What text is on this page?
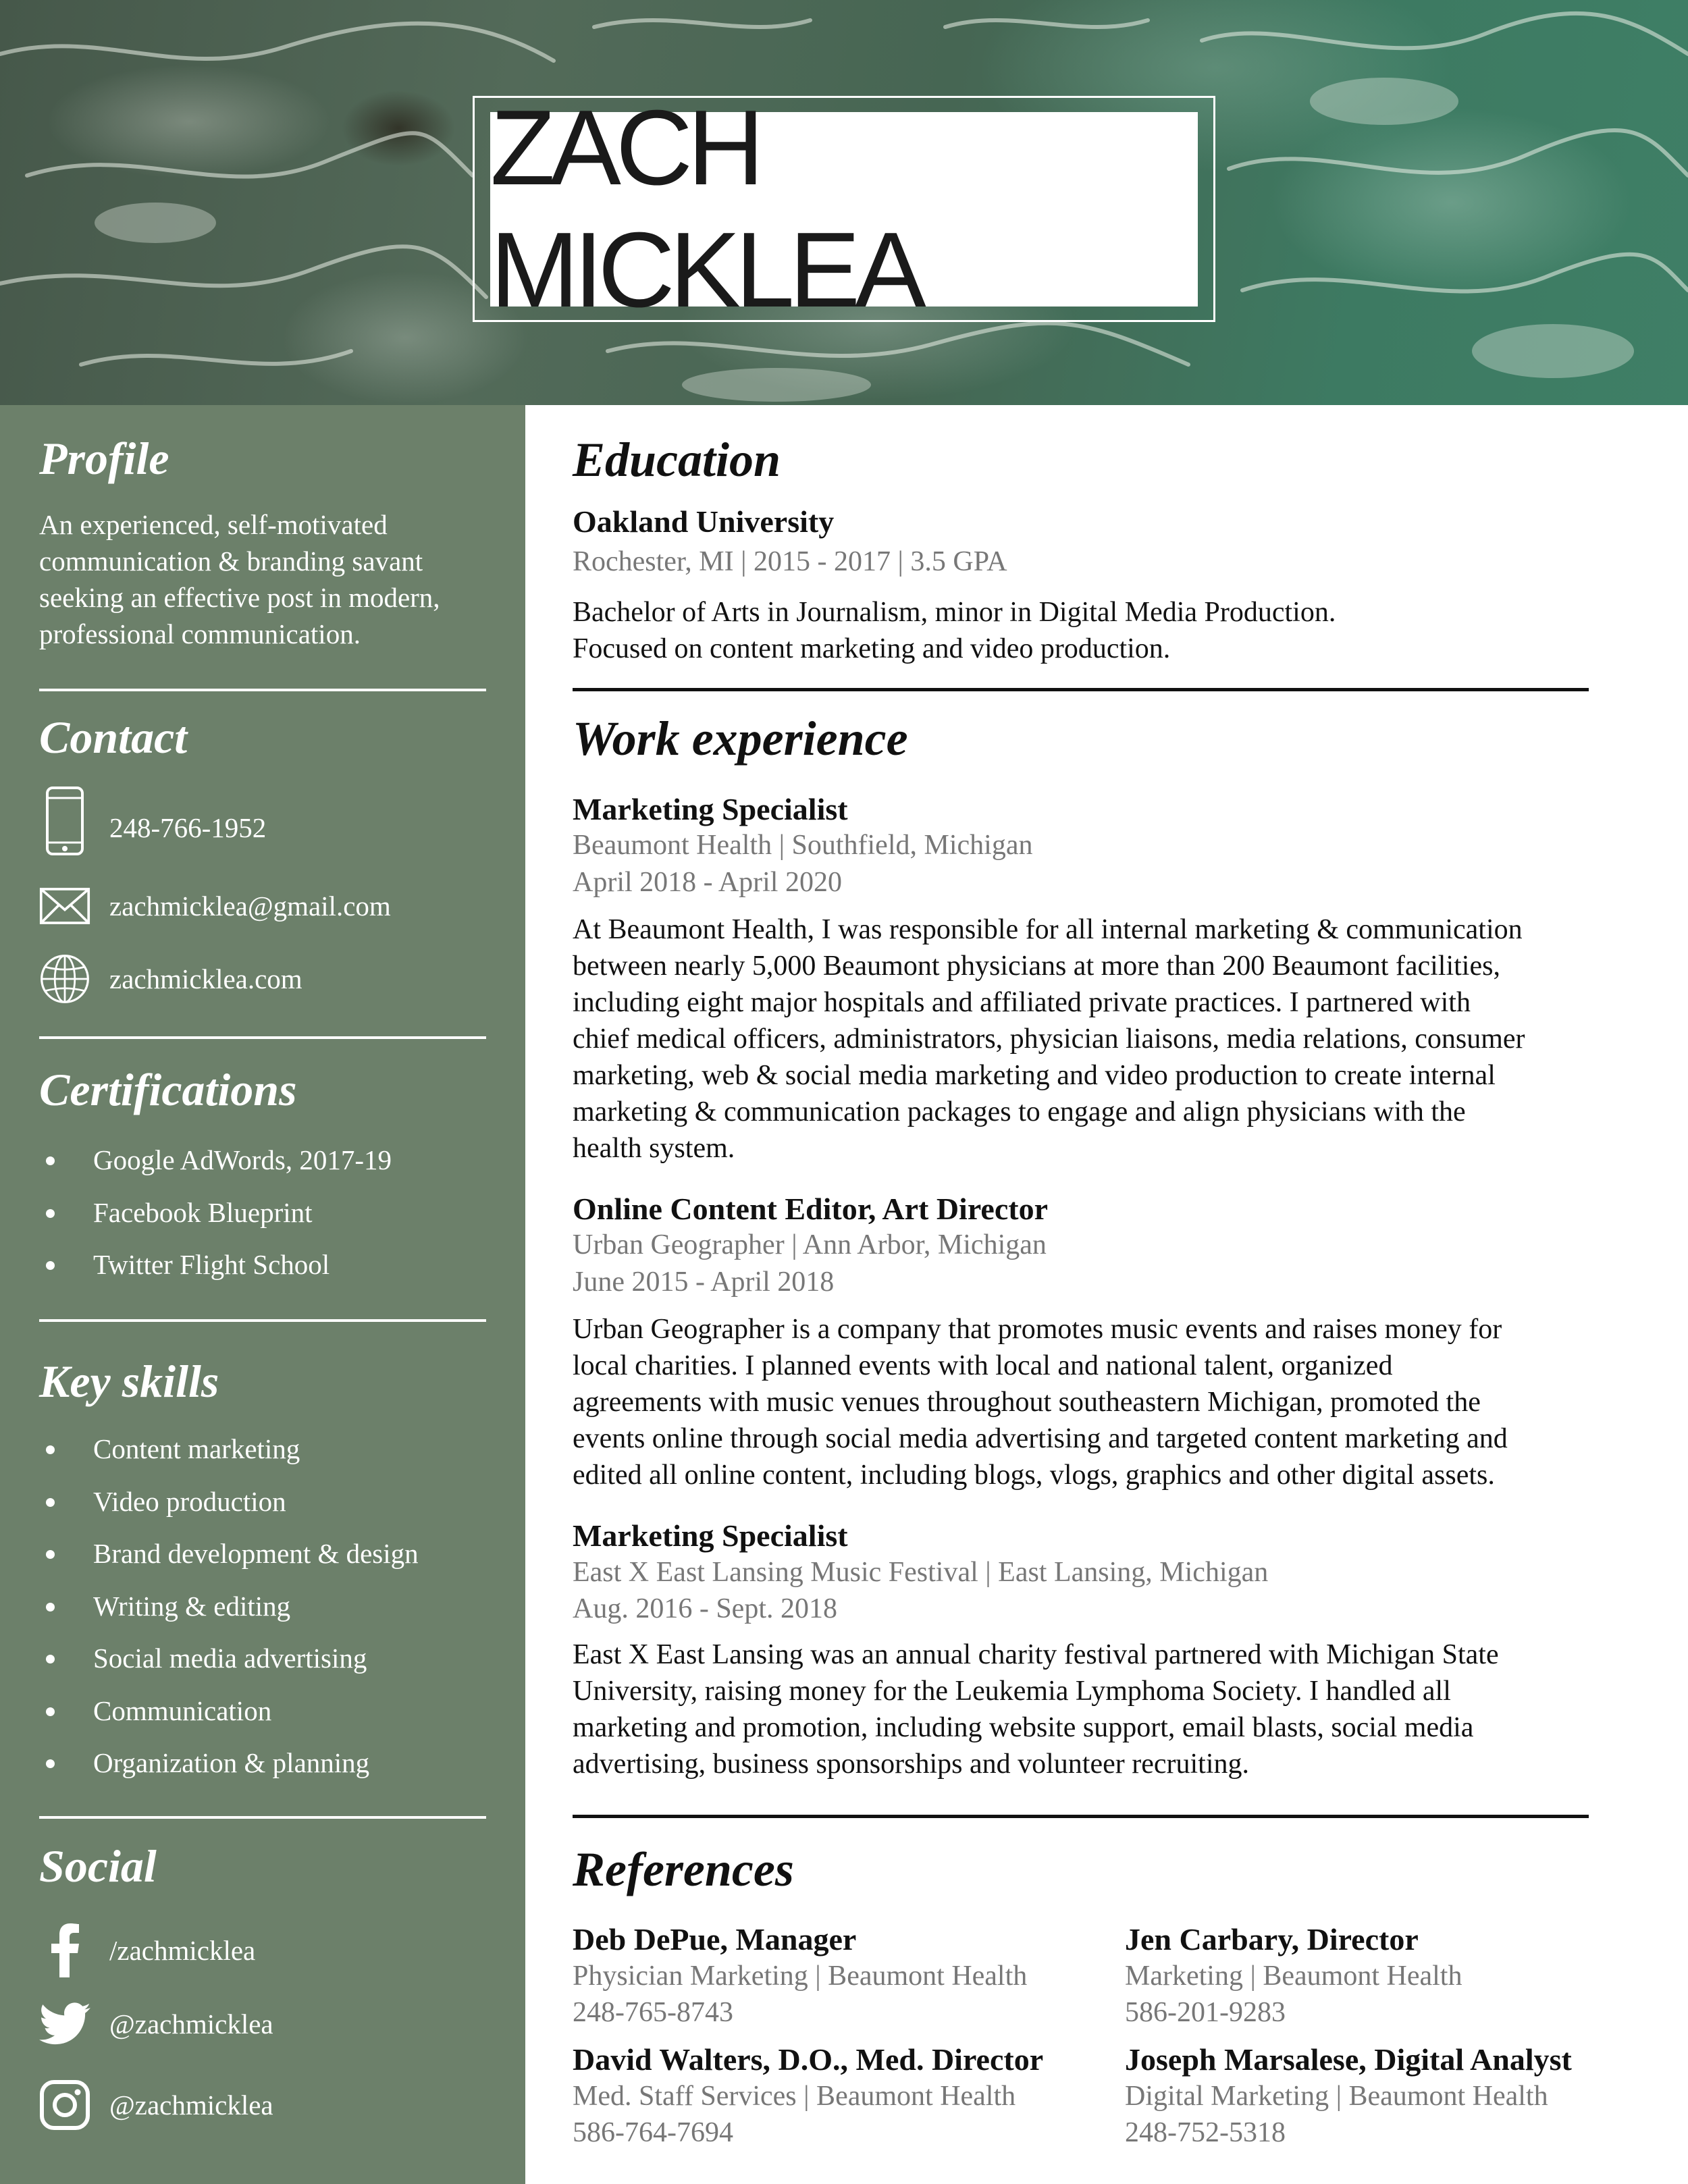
ZACH MICKLEA
Profile
An experienced, self-motivated
communication & branding savant
seeking an effective post in modern,
professional communication.
Contact
248-766-1952
zachmicklea@gmail.com
zachmicklea.com
Certifications
Google AdWords, 2017-19
Facebook Blueprint
Twitter Flight School
Key skills
Content marketing
Video production
Brand development & design
Writing & editing
Social media advertising
Communication
Organization & planning
Social
/zachmicklea
@zachmicklea
@zachmicklea
Education
Oakland University
Rochester, MI | 2015 - 2017 | 3.5 GPA
Bachelor of Arts in Journalism, minor in Digital Media Production.
Focused on content marketing and video production.
Work experience
Marketing Specialist
Beaumont Health | Southfield, Michigan
April 2018 - April 2020
At Beaumont Health, I was responsible for all internal marketing & communication
between nearly 5,000 Beaumont physicians at more than 200 Beaumont facilities,
including eight major hospitals and affiliated private practices. I partnered with
chief medical officers, administrators, physician liaisons, media relations, consumer
marketing, web & social media marketing and video production to create internal
marketing & communication packages to engage and align physicians with the
health system.
Online Content Editor, Art Director
Urban Geographer | Ann Arbor, Michigan
June 2015 - April 2018
Urban Geographer is a company that promotes music events and raises money for
local charities. I planned events with local and national talent, organized
agreements with music venues throughout southeastern Michigan, promoted the
events online through social media advertising and targeted content marketing and
edited all online content, including blogs, vlogs, graphics and other digital assets.
Marketing Specialist
East X East Lansing Music Festival | East Lansing, Michigan
Aug. 2016 - Sept. 2018
East X East Lansing was an annual charity festival partnered with Michigan State
University, raising money for the Leukemia Lymphoma Society. I handled all
marketing and promotion, including website support, email blasts, social media
advertising, business sponsorships and volunteer recruiting.
References
Deb DePue, Manager
Physician Marketing | Beaumont Health
248-765-8743
Jen Carbary, Director
Marketing | Beaumont Health
586-201-9283
David Walters, D.O., Med. Director
Med. Staff Services | Beaumont Health
586-764-7694
Joseph Marsalese, Digital Analyst
Digital Marketing | Beaumont Health
248-752-5318
